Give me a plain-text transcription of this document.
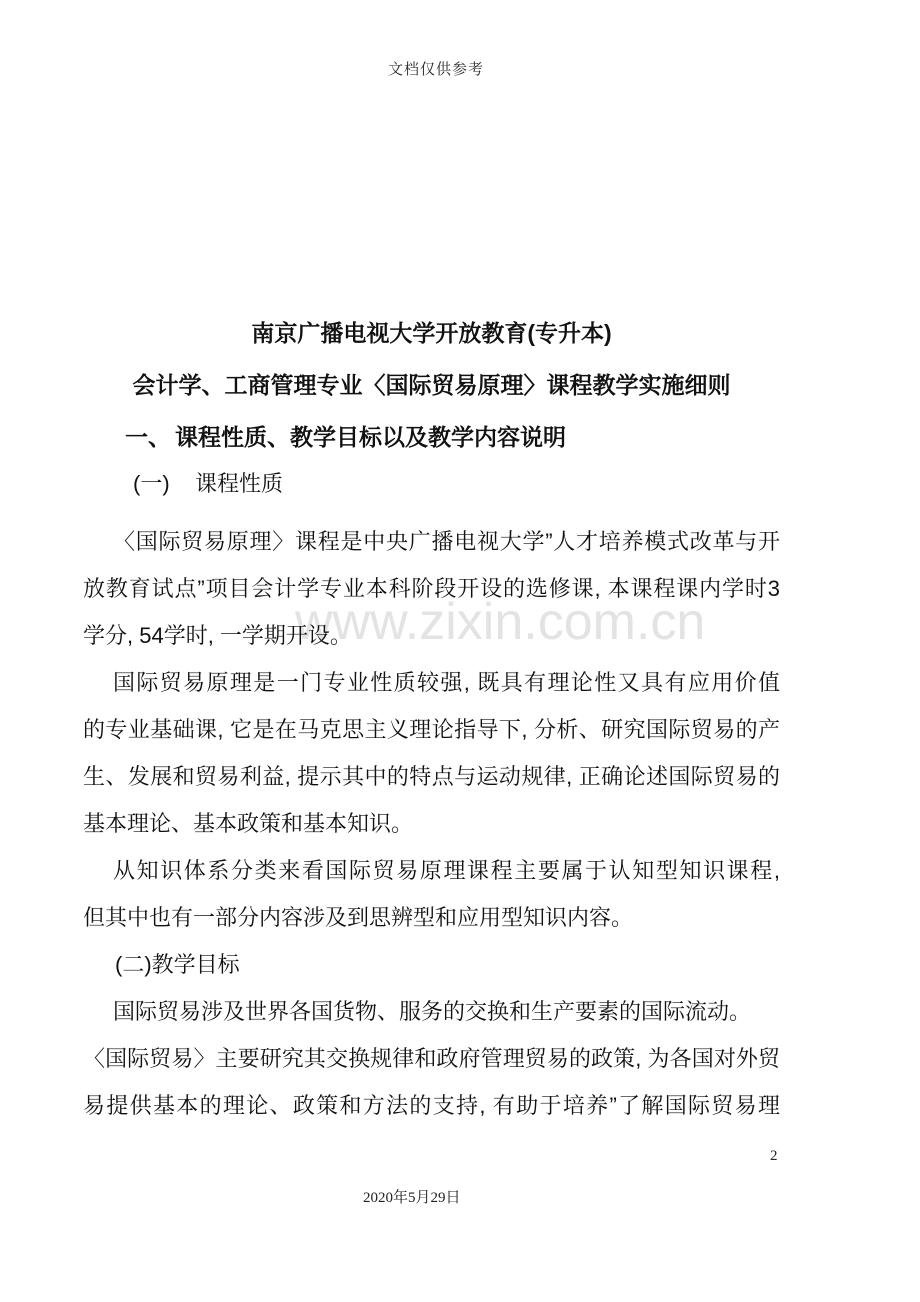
文档仅供参考
www.zixin.com.cn
南京广播电视大学开放教育(专升本)
会计学、工商管理专业〈国际贸易原理〉课程教学实施细则
一、 课程性质、教学目标以及教学内容说明
(一) 课程性质
〈国际贸易原理〉课程是中央广播电视大学”人才培养模式改革与开
放教育试点”项目会计学专业本科阶段开设的选修课, 本课程课内学时3
学分, 54学时, 一学期开设。
国际贸易原理是一门专业性质较强, 既具有理论性又具有应用价值
的专业基础课, 它是在马克思主义理论指导下, 分析、研究国际贸易的产
生、发展和贸易利益, 提示其中的特点与运动规律, 正确论述国际贸易的
基本理论、基本政策和基本知识。
从知识体系分类来看国际贸易原理课程主要属于认知型知识课程,
但其中也有一部分内容涉及到思辨型和应用型知识内容。
(二)教学目标
国际贸易涉及世界各国货物、服务的交换和生产要素的国际流动。
〈国际贸易〉主要研究其交换规律和政府管理贸易的政策, 为各国对外贸
易提供基本的理论、政策和方法的支持, 有助于培养”了解国际贸易理
2
2020年5月29日
